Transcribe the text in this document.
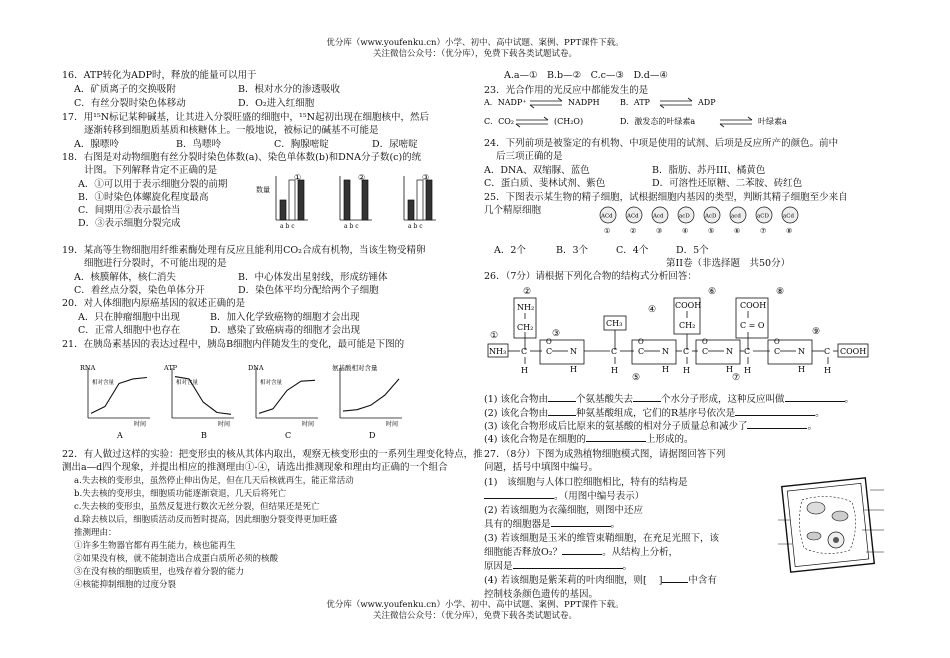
优分库（www.youfenku.cn）小学、初中、高中试题、案例、PPT课件下载。
关注微信公众号：（优分库），免费下载各类试题试卷。
16．ATP转化为ADP时，释放的能量可以用于
A．矿质离子的交换吸附	B．根对水分的渗透吸收
C．有丝分裂时染色体移动	D．O₂进入红细胞
17．用¹⁵N标记某种碱基，让其进入分裂旺盛的细胞中，¹⁵N起初出现在细胞核中，然后
逐渐转移到细胞质基质和核糖体上。一般地说，被标记的碱基不可能是
A．腺嘌呤	B．鸟嘌呤	C．胸腺嘧啶	D．尿嘧啶
18．右图是对动物细胞有丝分裂时染色体数(a)、染色单体数(b)和DNA分子数(c)的统
计图。下列解释肯定不正确的是
A．①可以用于表示细胞分裂的前期
B．①时染色体螺旋化程度最高
C．间期用②表示最恰当
D．③表示细胞分裂完成
数量
a b c
①
a b c
②
a b c
③
19．某高等生物细胞用纤维素酶处理有反应且能利用CO₂合成有机物，当该生物受精卵
细胞进行分裂时，不可能出现的是
A．核膜解体，核仁消失	B．中心体发出星射线，形成纺锤体
C．着丝点分裂，染色单体分开	D．染色体平均分配给两个子细胞
20．对人体细胞内原癌基因的叙述正确的是
A．只在肿瘤细胞中出现	B．加入化学致癌物的细胞才会出现
C．正常人细胞中也存在	D．感染了致癌病毒的细胞才会出现
21．在胰岛素基因的表达过程中，胰岛B细胞内伴随发生的变化，最可能是下图的
RNA
相对含量
时间
A
ATP
相对含量
时间
B
DNA
相对含量
时间
C
氨基酸相对含量
时间
D
22．有人做过这样的实验：把变形虫的核从其体内取出，观察无核变形虫的一系列生理变化特点，推
测出a—d四个现象，并提出相应的推测理由①-④，请选出推测现象和理由均正确的一个组合
a.失去核的变形虫，虽然停止伸出伪足，但在几天后核就再生，能正常活动
b.失去核的变形虫，细胞质功能逐渐衰退，几天后将死亡
c.失去核的变形虫，虽然反复进行数次无丝分裂，但结果还是死亡
d.除去核以后，细胞质活动反而暂时提高，因此细胞分裂变得更加旺盛
推测理由：
①许多生物器官都有再生能力，核也能再生
②如果没有核，就不能制造出合成蛋白质所必须的核酸
③在没有核的细胞质里，也残存着分裂的能力
④核能抑制细胞的过度分裂
A.a—①　B.b—②　C.c—③　D.d—④
23．光合作用的光反应中都能发生的是
A．NADP⁺	NADPH	B．ATP	ADP
C．CO₂	(CH₂O)	D．激发态的叶绿素a	叶绿素a
24．下列前项是被鉴定的有机物、中项是使用的试剂、后项是反应所产的颜色。前中
后三项正确的是
A．DNA、双缩脲、蓝色	B．脂肪、苏丹III、橘黄色
C．蛋白质、斐林试剂、紫色	D．可溶性还原糖、二苯胺、砖红色
25．下图表示某生物的精子细胞，试根据细胞内基因的类型，判断其精子细胞至少来自
几个精原细胞
ACd
①
ACd
②
Acd
③
acD
④
AcD
⑤
acd
⑥
aCD
⑦
aCd
⑧
A．2个	B．3个	C．4个	D．5个
第II卷（非选择题　共50分）
26．（7分）请根据下列化合物的结构式分析回答：
②
④
⑥	⑧
①	③
⑤	⑦
⑨
NH₂
CH₂	CH₃
COOH
CH₂
COOH
C = O
NH₃ C
H
C
O
N
H
C
H
C
O
N
H
C
H
C
O
N
H
C
H
C
O
N
H
C
H
COOH
(1) 该化合物由	个氨基酸失去	个水分子形成，这种反应叫做	。
(2) 该化合物由	种氨基酸组成，它们的R基序号依次是	。
(3) 该化合物形成后比原来的氨基酸的相对分子质量总和减少了	。
(4) 该化合物是在细胞的	上形成的。
27．（8分）下图为成熟植物细胞模式图，请据图回答下列
问题，括号中填图中编号。
(1)　该细胞与人体口腔细胞相比，特有的结构是
。（用图中编号表示）
(2) 若该细胞为衣藻细胞，则图中还应
具有的细胞器是	。
(3) 若该细胞是玉米的维管束鞘细胞，在充足光照下，该
细胞能否释放O₂？	。从结构上分析，
原因是	。
(4) 若该细胞是紫茉莉的叶肉细胞，则[ ]	中含有
控制枝条颜色遗传的基因。
优分库（www.youfenku.cn）小学、初中、高中试题、案例、PPT课件下载。
关注微信公众号：（优分库），免费下载各类试题试卷。
